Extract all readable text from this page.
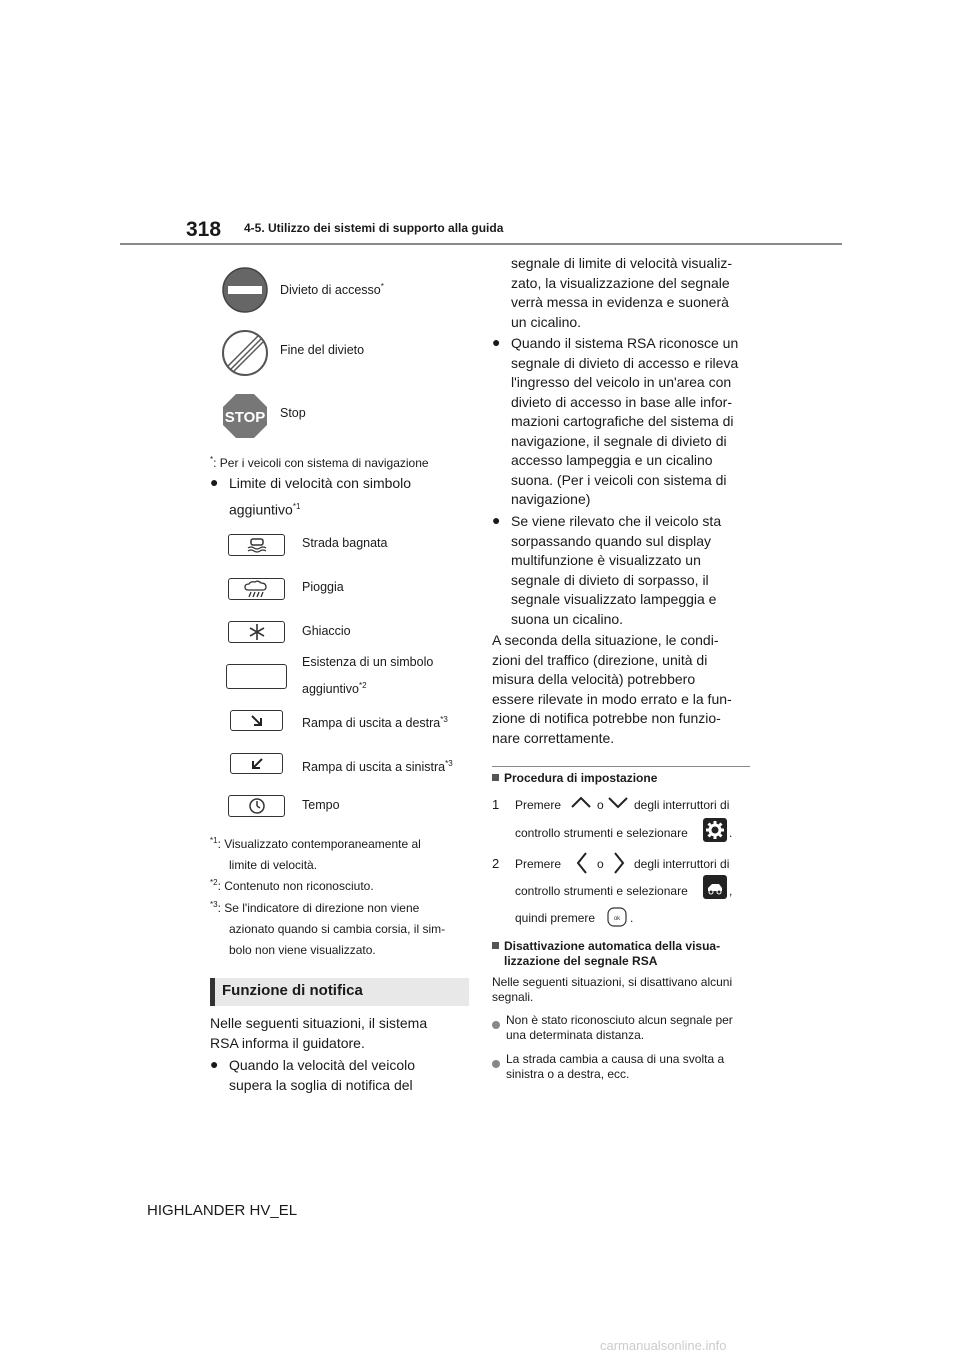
318 4-5. Utilizzo dei sistemi di supporto alla guida
Divieto di accesso*
Fine del divieto
STOP Stop
*: Per i veicoli con sistema di navigazione
● Limite di velocità con simbolo
aggiuntivo$^{*1}$
Strada bagnata
Pioggia
Ghiaccio
Esistenza di un simbolo
aggiuntivo$^{*2}$
Rampa di uscita a destra$^{*3}$
Rampa di uscita a sinistra$^{*3}$
Tempo
$^{*1}$: Visualizzato contemporaneamente al
limite di velocità.
$^{*2}$: Contenuto non riconosciuto.
$^{*3}$: Se l'indicatore di direzione non viene
azionato quando si cambia corsia, il sim-
bolo non viene visualizzato.
Funzione di notifica
Nelle seguenti situazioni, il sistema
RSA informa il guidatore.
● Quando la velocità del veicolo
supera la soglia di notifica del
segnale di limite di velocità visualiz-
zato, la visualizzazione del segnale
verrà messa in evidenza e suonerà
un cicalino.
● Quando il sistema RSA riconosce un
segnale di divieto di accesso e rileva
l'ingresso del veicolo in un'area con
divieto di accesso in base alle infor-
mazioni cartografiche del sistema di
navigazione, il segnale di divieto di
accesso lampeggia e un cicalino
suona. (Per i veicoli con sistema di
navigazione)
● Se viene rilevato che il veicolo sta
sorpassando quando sul display
multifunzione è visualizzato un
segnale di divieto di sorpasso, il
segnale visualizzato lampeggia e
suona un cicalino.
A seconda della situazione, le condi-
zioni del traffico (direzione, unità di
misura della velocità) potrebbero
essere rilevate in modo errato e la fun-
zione di notifica potrebbe non funzio-
nare correttamente.
Procedura di impostazione
1 Premere	o	degli interruttori di
controllo strumenti e selezionare	.
2 Premere	o	degli interruttori di
controllo strumenti e selezionare	,
quindi premere	ok .
Disattivazione automatica della visua-
lizzazione del segnale RSA
Nelle seguenti situazioni, si disattivano alcuni
segnali.
Non è stato riconosciuto alcun segnale per
una determinata distanza.
La strada cambia a causa di una svolta a
sinistra o a destra, ecc.
HIGHLANDER HV_EL
carmanualsonline.info
